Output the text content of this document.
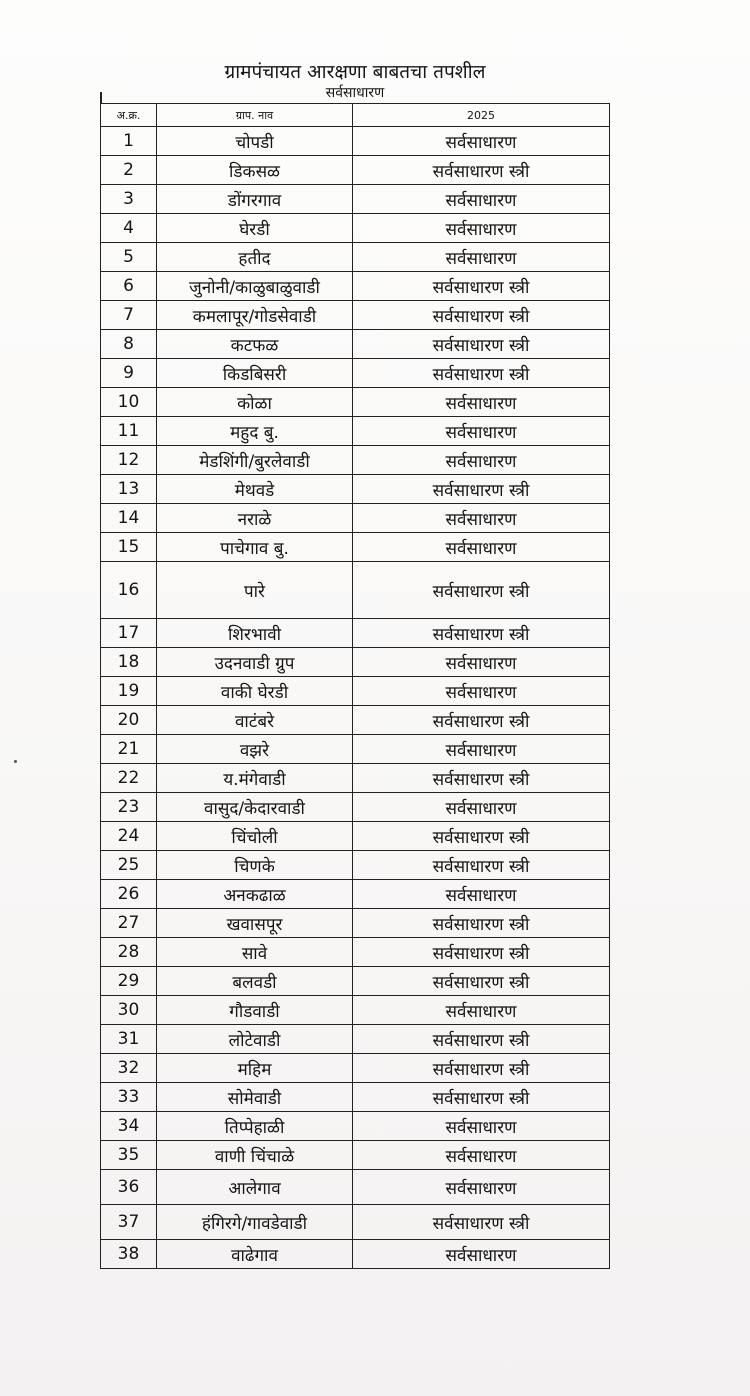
ग्रामपंचायत आरक्षणा बाबतचा तपशील
सर्वसाधारण
अ.क्र.	ग्राप. नाव	2025
1	चोपडी	सर्वसाधारण
2	डिकसळ	सर्वसाधारण स्त्री
3	डोंगरगाव	सर्वसाधारण
4	घेरडी	सर्वसाधारण
5	हतीद	सर्वसाधारण
6	जुनोनी/काळुबाळुवाडी	सर्वसाधारण स्त्री
7	कमलापूर/गोडसेवाडी	सर्वसाधारण स्त्री
8	कटफळ	सर्वसाधारण स्त्री
9	किडबिसरी	सर्वसाधारण स्त्री
10	कोळा	सर्वसाधारण
11	महुद बु.	सर्वसाधारण
12	मेडशिंगी/बुरलेवाडी	सर्वसाधारण
13	मेथवडे	सर्वसाधारण स्त्री
14	नराळे	सर्वसाधारण
15	पाचेगाव बु.	सर्वसाधारण
16	पारे	सर्वसाधारण स्त्री
17	शिरभावी	सर्वसाधारण स्त्री
18	उदनवाडी ग्रुप	सर्वसाधारण
19	वाकी घेरडी	सर्वसाधारण
20	वाटंबरे	सर्वसाधारण स्त्री
21	वझरे	सर्वसाधारण
22	य.मंगेवाडी	सर्वसाधारण स्त्री
23	वासुद/केदारवाडी	सर्वसाधारण
24	चिंचोली	सर्वसाधारण स्त्री
25	चिणके	सर्वसाधारण स्त्री
26	अनकढाळ	सर्वसाधारण
27	खवासपूर	सर्वसाधारण स्त्री
28	सावे	सर्वसाधारण स्त्री
29	बलवडी	सर्वसाधारण स्त्री
30	गौडवाडी	सर्वसाधारण
31	लोटेवाडी	सर्वसाधारण स्त्री
32	महिम	सर्वसाधारण स्त्री
33	सोमेवाडी	सर्वसाधारण स्त्री
34	तिप्पेहाळी	सर्वसाधारण
35	वाणी चिंचाळे	सर्वसाधारण
36	आलेगाव	सर्वसाधारण
37	हंगिरगे/गावडेवाडी	सर्वसाधारण स्त्री
38	वाढेगाव	सर्वसाधारण
